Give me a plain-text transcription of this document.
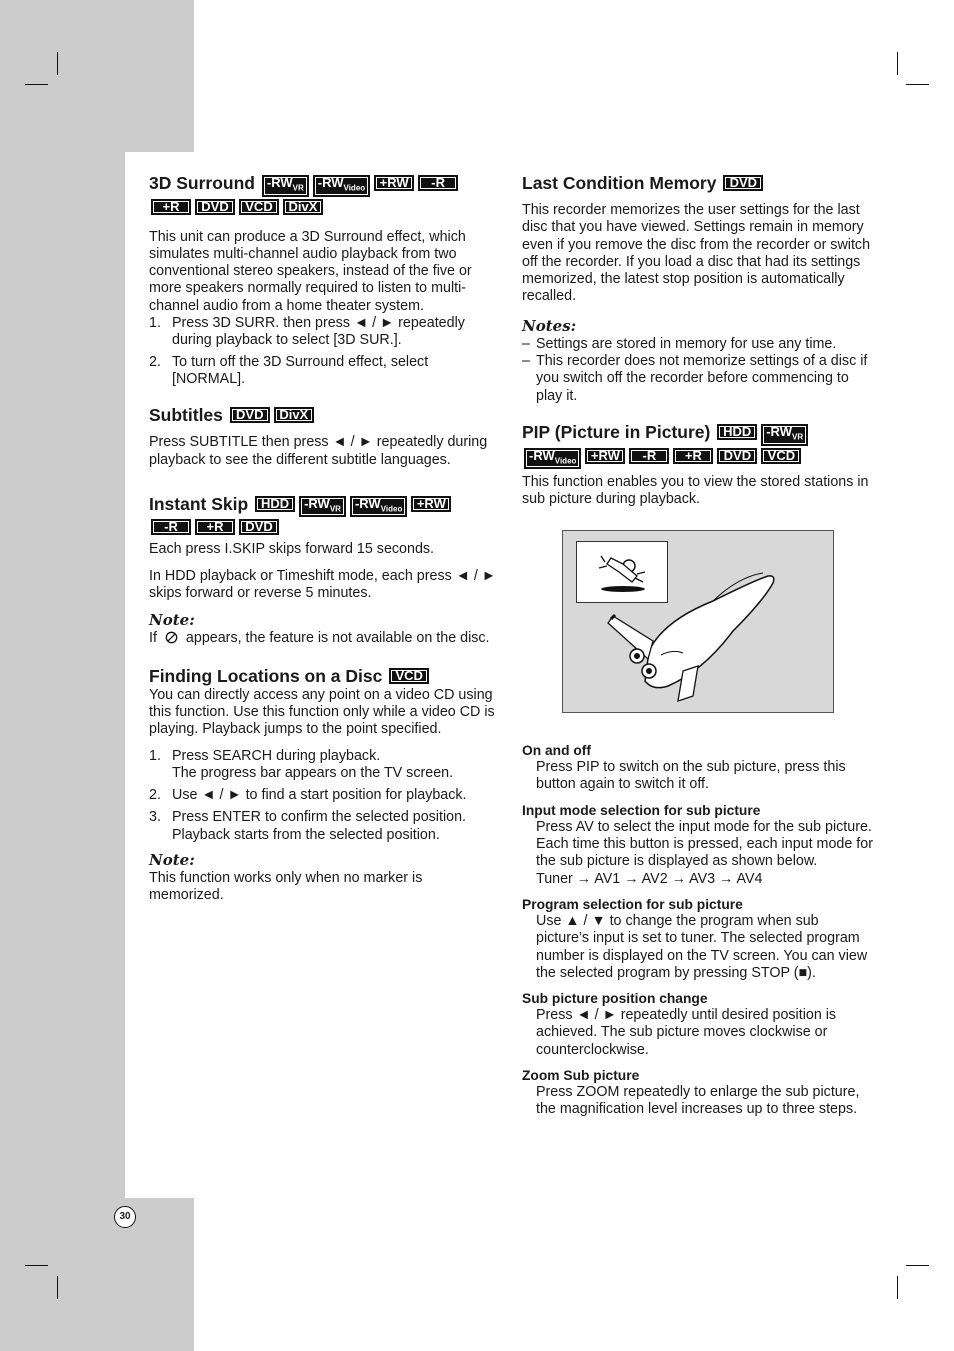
3D Surround $-RW_{VR}$ $-RW_{Video} +RW$ -R
+R DVD VCD DivX

This unit can produce a 3D Surround effect, which simulates multi-channel audio playback from two conventional stereo speakers, instead of the five or more speakers normally required to listen to multi-channel audio from a home theater system.

1. Press 3D SURR. then press ◄ / ► repeatedly during playback to select [3D SUR.].
2. To turn off the 3D Surround effect, select [NORMAL].
Subtitles DVD DivX

Press SUBTITLE then press ◄ / ► repeatedly during playback to see the different subtitle languages.

Instant Skip HDD $-RW_{VR}$ $-RW_{Video} +RW$
-R +R DVD

Each press I.SKIP skips forward 15 seconds.

In HDD playback or Timeshift mode, each press ◄ / ► skips forward or reverse 5 minutes.

Note:

If appears, the feature is not available on the disc.

Finding Locations on a Disc VCD

You can directly access any point on a video CD using this function. Use this function only while a video CD is playing. Playback jumps to the point specified.

1. Press SEARCH during playback.
The progress bar appears on the TV screen.
2. Use ◄ / ► to find a start position for playback.
3. Press ENTER to confirm the selected position.
Playback starts from the selected position.

Note:

This function works only when no marker is memorized.

Last Condition Memory DVD

This recorder memorizes the user settings for the last disc that you have viewed. Settings remain in memory even if you remove the disc from the recorder or switch off the recorder. If you load a disc that had its settings memorized, the latest stop position is automatically recalled.

Notes:

– Settings are stored in memory for use any time.
– This recorder does not memorize settings of a disc if you switch off the recorder before commencing to play it.
PIP (Picture in Picture) HDD $-RW_{VR}$
$-RW_{Video} +RW$ -R +R DVD VCD

This function enables you to view the stored stations in sub picture during playback.

On and off

Press PIP to switch on the sub picture, press this button again to switch it off.

Input mode selection for sub picture

Press AV to select the input mode for the sub picture. Each time this button is pressed, each input mode for the sub picture is displayed as shown below.

Tuner → AV1 → AV2 → AV3 → AV4

Program selection for sub picture

Use ▲ / ▼ to change the program when sub picture’s input is set to tuner. The selected program number is displayed on the TV screen. You can view the selected program by pressing STOP (■).

Sub picture position change

Press ◄ / ► repeatedly until desired position is achieved. The sub picture moves clockwise or counterclockwise.

Zoom Sub picture

Press ZOOM repeatedly to enlarge the sub picture, the magnification level increases up to three steps.

30
